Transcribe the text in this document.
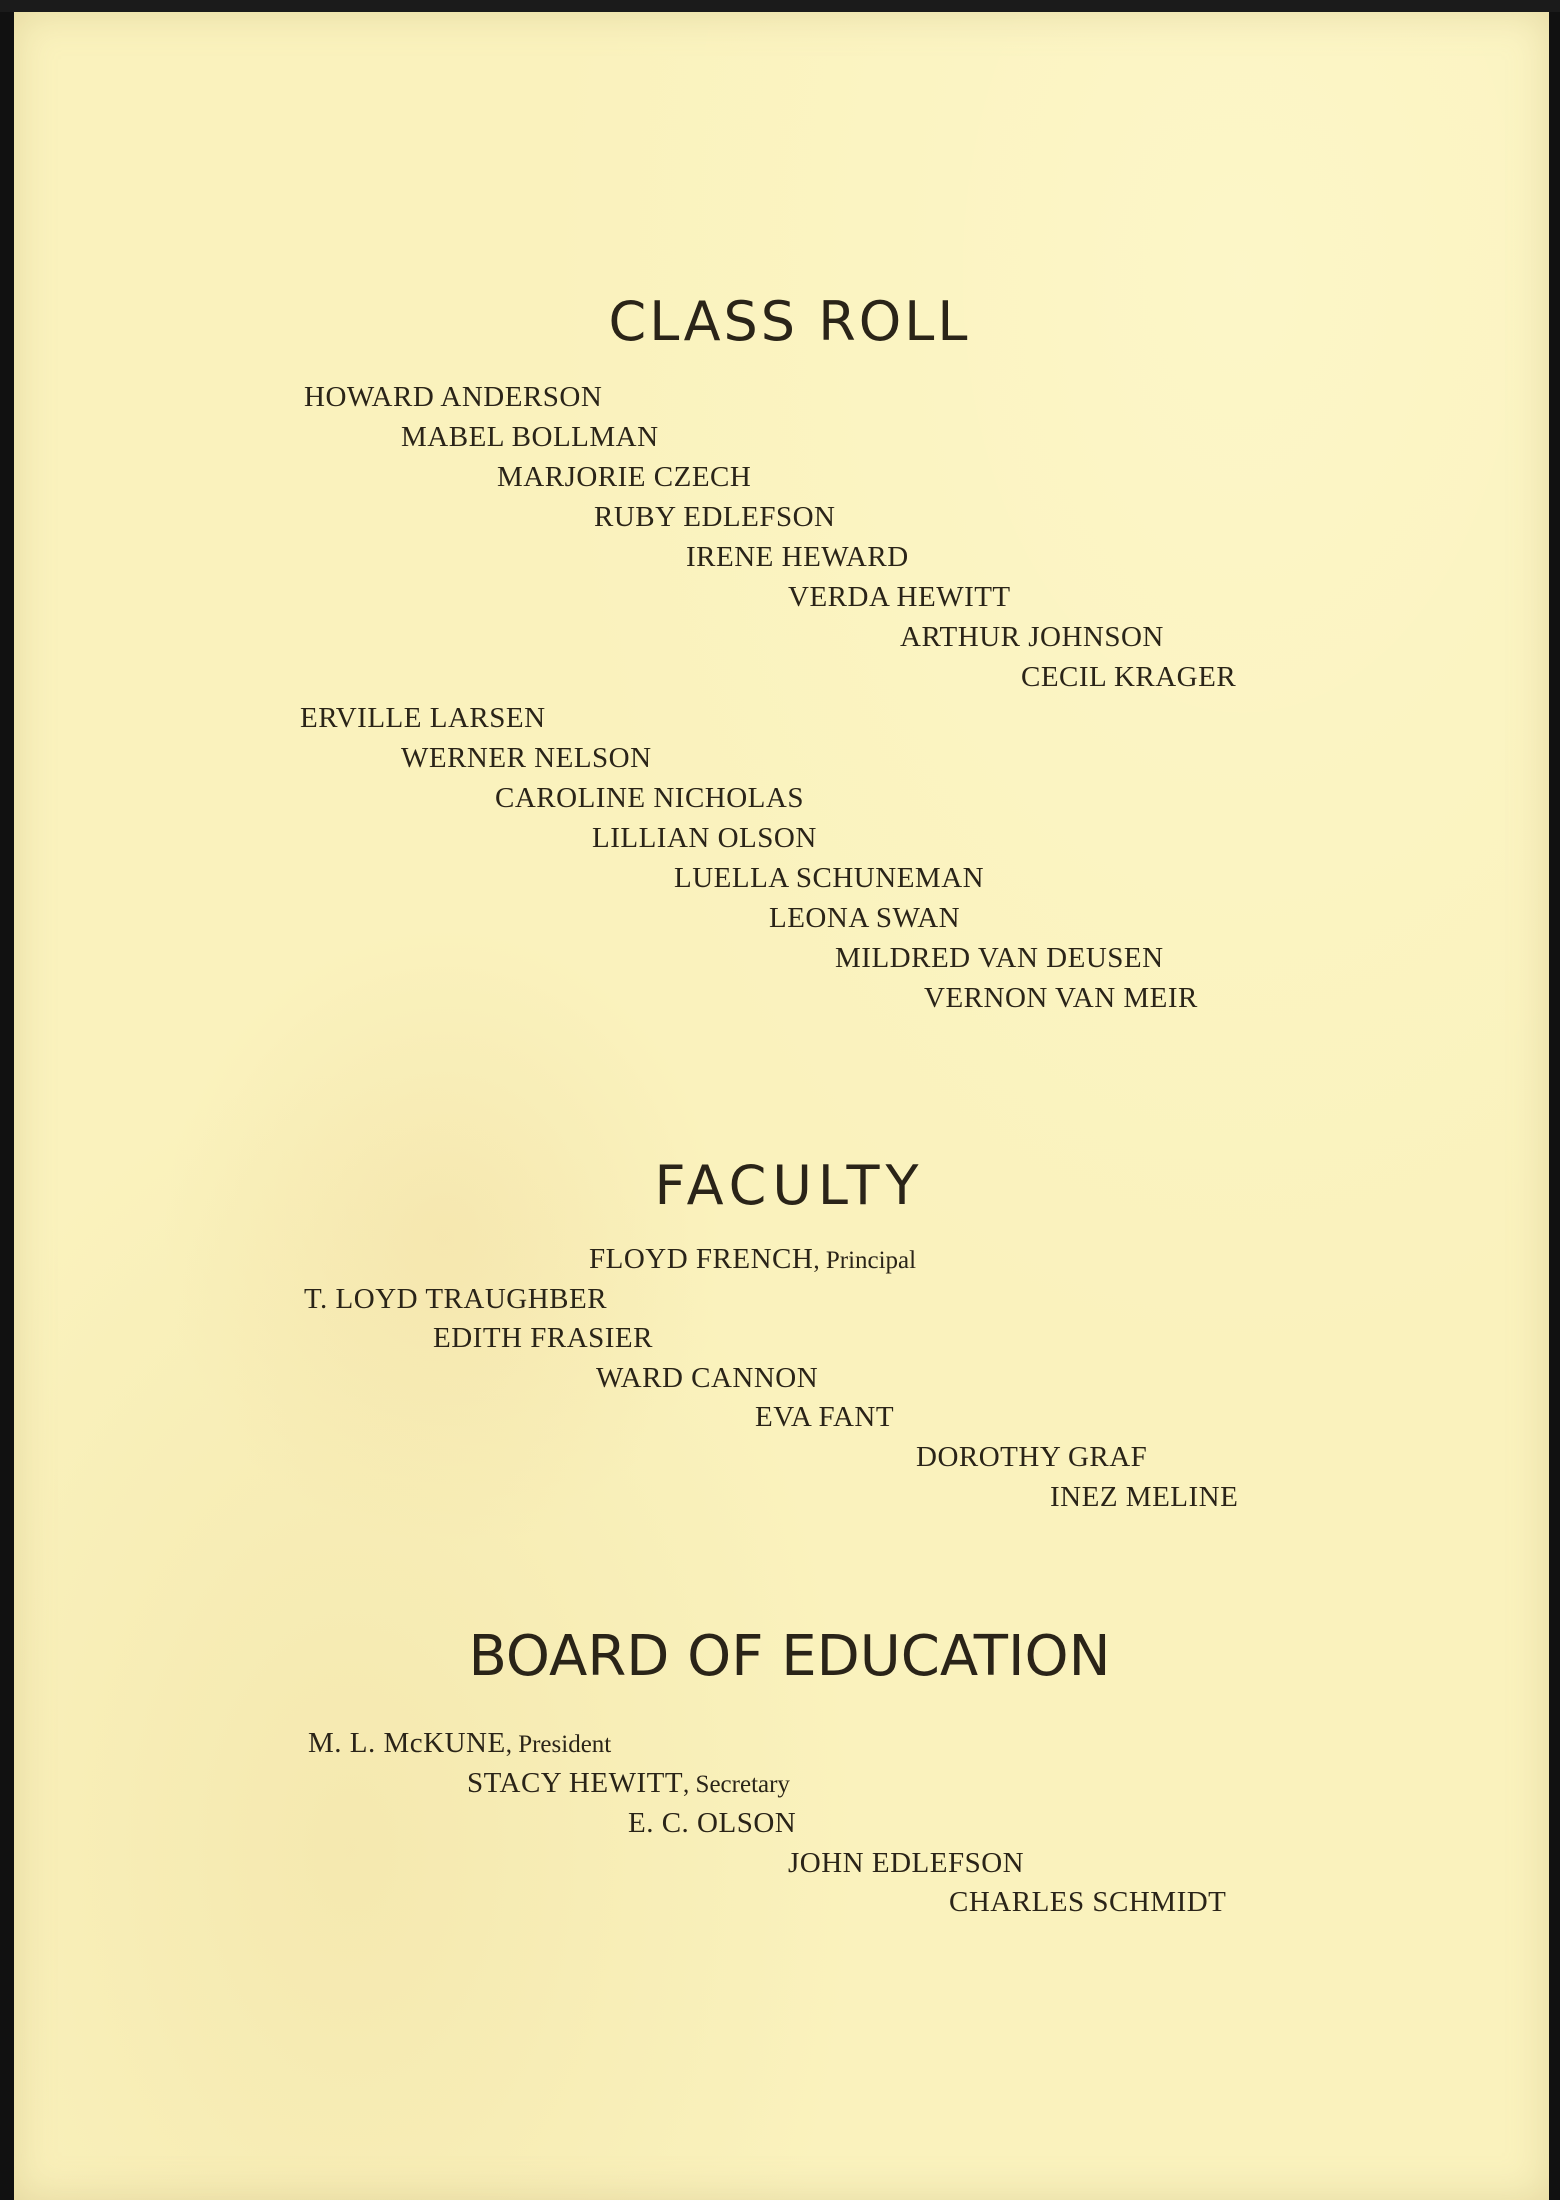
CLASS ROLL
HOWARD ANDERSON
MABEL BOLLMAN
MARJORIE CZECH
RUBY EDLEFSON
IRENE HEWARD
VERDA HEWITT
ARTHUR JOHNSON
CECIL KRAGER
ERVILLE LARSEN
WERNER NELSON
CAROLINE NICHOLAS
LILLIAN OLSON
LUELLA SCHUNEMAN
LEONA SWAN
MILDRED VAN DEUSEN
VERNON VAN MEIR
FACULTY
FLOYD FRENCH, Principal
T. LOYD TRAUGHBER
EDITH FRASIER
WARD CANNON
EVA FANT
DOROTHY GRAF
INEZ MELINE
BOARD OF EDUCATION
M. L. McKUNE, President
STACY HEWITT, Secretary
E. C. OLSON
JOHN EDLEFSON
CHARLES SCHMIDT
